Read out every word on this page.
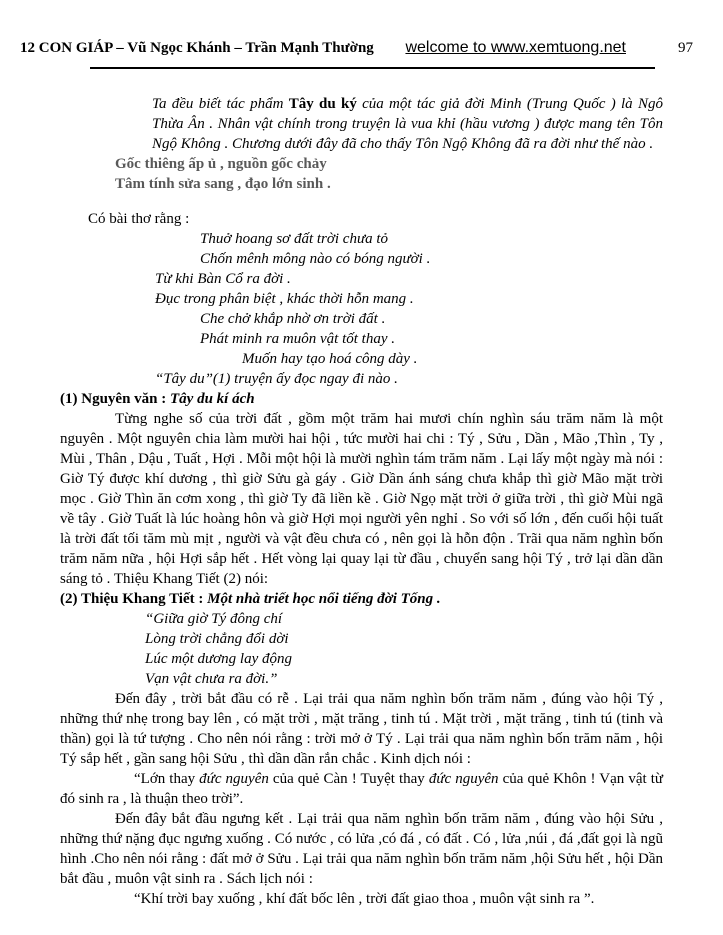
12 CON GIÁP – Vũ Ngọc Khánh – Trần Mạnh Thường welcome to www.xemtuong.net	97

Ta đều biết tác phẩm Tây du ký của một tác giả đời Minh (Trung Quốc ) là Ngô Thừa Ân . Nhân vật chính trong truyện là vua khỉ (hầu vương ) được mang tên Tôn Ngộ Không . Chương dưới đây đã cho thấy Tôn Ngộ Không đã ra đời như thế nào .

Gốc thiêng ấp ủ , nguồn gốc chảy
Tâm tính sửa sang , đạo lớn sinh .

Có bài thơ rằng :

Thuở hoang sơ đất trời chưa tỏ
Chốn mênh mông nào có bóng người .
Từ khi Bàn Cổ ra đời .
Đục trong phân biệt , khác thời hỗn mang .
Che chở khắp nhờ ơn trời đất .
Phát minh ra muôn vật tốt thay .
Muốn hay tạo hoá công dày .
“Tây du”(1) truyện ấy đọc ngay đi nào .

(1) Nguyên văn : Tây du kí ách

Từng nghe số của trời đất , gồm một trăm hai mươi chín nghìn sáu trăm năm là một nguyên . Một nguyên chia làm mười hai hội , tức mười hai chi : Tý , Sửu , Dần , Mão ,Thìn , Ty , Mùi , Thân , Dậu , Tuất , Hợi . Mỗi một hội là mười nghìn tám trăm năm . Lại lấy một ngày mà nói : Giờ Tý được khí dương , thì giờ Sửu gà gáy . Giờ Dần ánh sáng chưa khắp thì giờ Mão mặt trời mọc . Giờ Thìn ăn cơm xong , thì giờ Ty đã liền kề . Giờ Ngọ mặt trời ở giữa trời , thì giờ Mùi ngã về tây . Giờ Tuất là lúc hoàng hôn và giờ Hợi mọi người yên nghỉ . So với số lớn , đến cuối hội tuất là trời đất tối tăm mù mịt , người và vật đều chưa có , nên gọi là hỗn độn . Trãi qua năm nghìn bốn trăm năm nữa , hội Hợi sắp hết . Hết vòng lại quay lại từ đầu , chuyển sang hội Tý , trở lại dần dần sáng tỏ . Thiệu Khang Tiết (2) nói:

(2) Thiệu Khang Tiết : Một nhà triết học nổi tiếng đời Tống .

“Giữa giờ Tý đông chí
Lòng trời chẳng đổi dời
Lúc một dương lay động
Vạn vật chưa ra đời.”

Đến đây , trời bắt đầu có rễ . Lại trải qua năm nghìn bốn trăm năm , đúng vào hội Tý , những thứ nhẹ trong bay lên , có mặt trời , mặt trăng , tinh tú . Mặt trời , mặt trăng , tinh tú (tinh và thần) gọi là tứ tượng . Cho nên nói rằng : trời mở ở Tý . Lại trải qua năm nghìn bốn trăm năm , hội Tý sắp hết , gần sang hội Sửu , thì dần dần rắn chắc . Kinh dịch nói :

“Lớn thay đức nguyên của quẻ Càn ! Tuyệt thay đức nguyên của quẻ Khôn ! Vạn vật từ đó sinh ra , là thuận theo trời”.

Đến đây bắt đầu ngưng kết . Lại trải qua năm nghìn bốn trăm năm , đúng vào hội Sửu , những thứ nặng đục ngưng xuống . Có nước , có lửa ,có đá , có đất . Có , lửa ,núi , đá ,đất gọi là ngũ hình .Cho nên nói rằng : đất mở ở Sửu . Lại trải qua năm nghìn bốn trăm năm ,hội Sửu hết , hội Dần bắt đầu , muôn vật sinh ra . Sách lịch nói :

“Khí trời bay xuống , khí đất bốc lên , trời đất giao thoa , muôn vật sinh ra ”.
